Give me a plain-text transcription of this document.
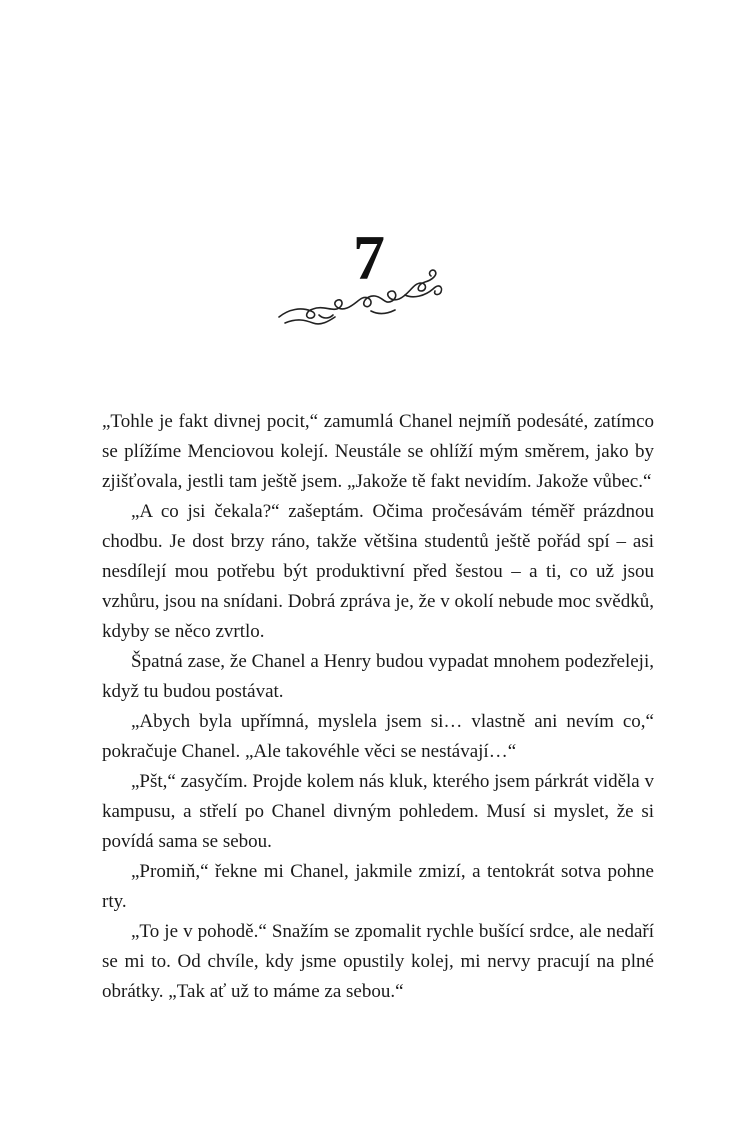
7

„Tohle je fakt divnej pocit,“ zamumlá Chanel nejmíň podesáté, zatímco se plížíme Menciovou kolejí. Neustále se ohlíží mým směrem, jako by zjišťovala, jestli tam ještě jsem. „Jakože tě fakt nevidím. Jakože vůbec.“

„A co jsi čekala?“ zašeptám. Očima pročesávám téměř prázdnou chodbu. Je dost brzy ráno, takže většina studentů ještě pořád spí – asi nesdílejí mou potřebu být produktivní před šestou – a ti, co už jsou vzhůru, jsou na snídani. Dobrá zpráva je, že v okolí nebude moc svědků, kdyby se něco zvrtlo.

Špatná zase, že Chanel a Henry budou vypadat mnohem podezřeleji, když tu budou postávat.

„Abych byla upřímná, myslela jsem si… vlastně ani nevím co,“ pokračuje Chanel. „Ale takovéhle věci se nestávají…“

„Pšt,“ zasyčím. Projde kolem nás kluk, kterého jsem párkrát viděla v kampusu, a střelí po Chanel divným pohledem. Musí si myslet, že si povídá sama se sebou.

„Promiň,“ řekne mi Chanel, jakmile zmizí, a tentokrát sotva pohne rty.

„To je v pohodě.“ Snažím se zpomalit rychle bušící srdce, ale nedaří se mi to. Od chvíle, kdy jsme opustily kolej, mi nervy pracují na plné obrátky. „Tak ať už to máme za sebou.“
